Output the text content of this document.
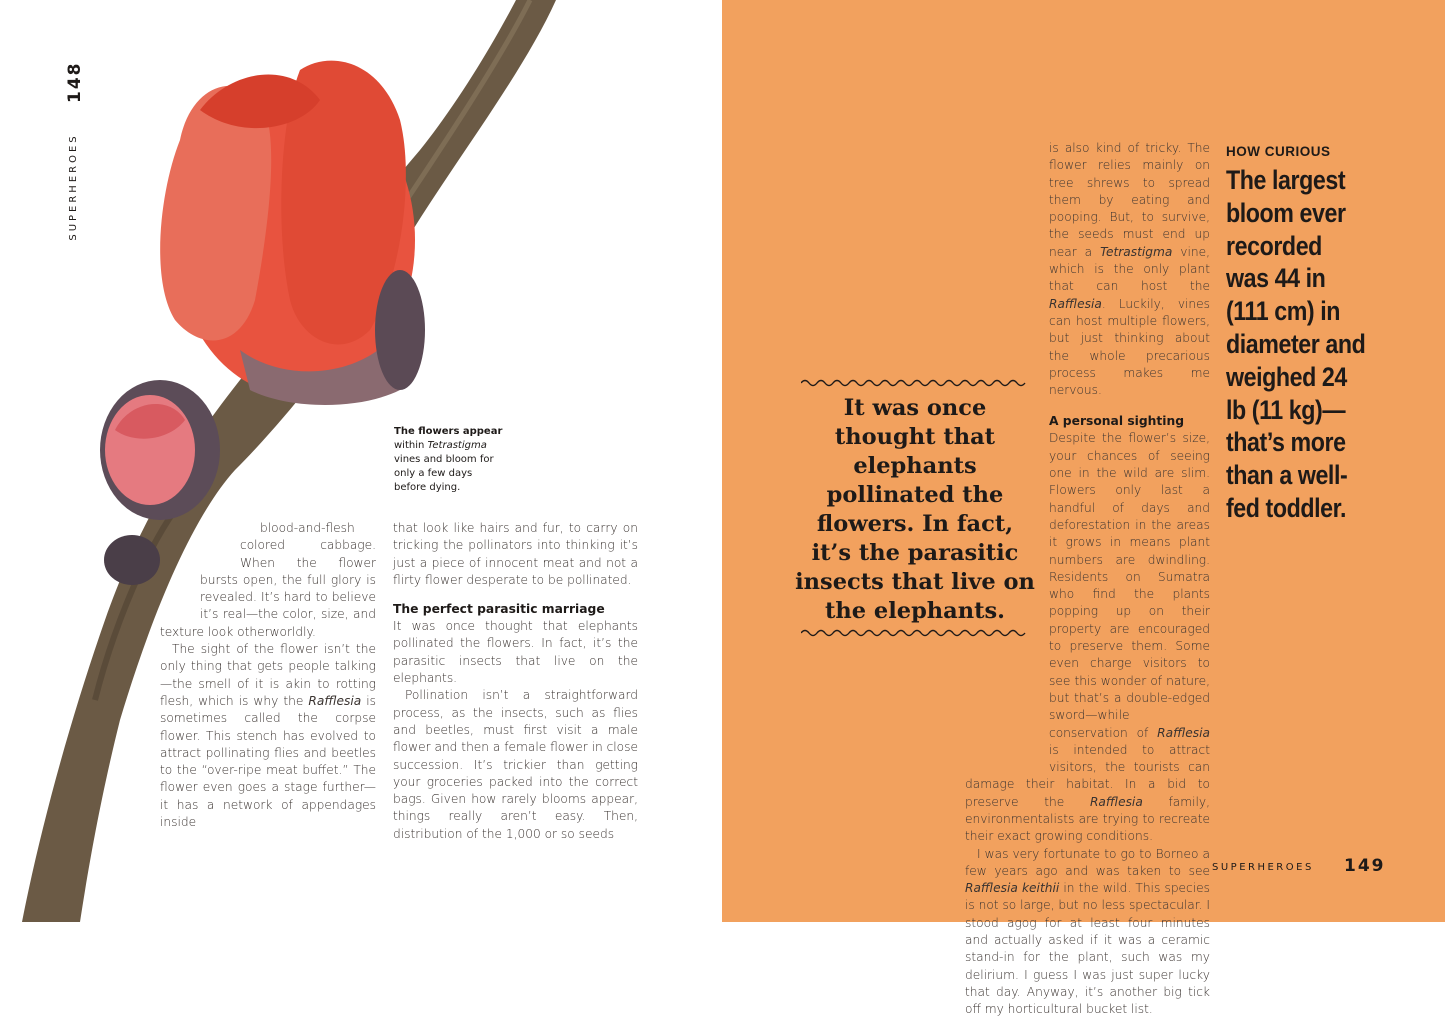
148
SUPERHEROES
The flowers appear
within Tetrastigma vines and bloom for only a few days before dying.

blood-and-flesh colored cabbage. When the flower bursts open, the full glory is revealed. It’s hard to believe it’s real—the color, size, and texture look otherworldly.

The sight of the flower isn’t the only thing that gets people talking—the smell of it is akin to rotting flesh, which is why the Rafflesia is sometimes called the corpse flower. This stench has evolved to attract pollinating flies and beetles to the “over-ripe meat buffet.” The flower even goes a stage further—it has a network of appendages inside

that look like hairs and fur, to carry on tricking the pollinators into thinking it’s just a piece of innocent meat and not a flirty flower desperate to be pollinated.

The perfect parasitic marriage

It was once thought that elephants pollinated the flowers. In fact, it’s the parasitic insects that live on the elephants.

Pollination isn’t a straightforward process, as the insects, such as flies and beetles, must first visit a male flower and then a female flower in close succession. It’s trickier than getting your groceries packed into the correct bags. Given how rarely blooms appear, things really aren’t easy. Then, distribution of the 1,000 or so seeds

is also kind of tricky. The flower relies mainly on tree shrews to spread them by eating and pooping. But, to survive, the seeds must end up near a Tetrastigma vine, which is the only plant that can host the Rafflesia. Luckily, vines can host multiple flowers, but just thinking about the whole precarious process makes me nervous.

A personal sighting

Despite the flower’s size, your chances of seeing one in the wild are slim. Flowers only last a handful of days and deforestation in the areas it grows in means plant numbers are dwindling. Residents on Sumatra who find the plants popping up on their property are encouraged to preserve them. Some even charge visitors to see this wonder of nature, but that’s a double-edged sword—while conservation of Rafflesia is intended to attract visitors, the tourists can damage their habitat. In a bid to preserve the Rafflesia family, environmentalists are trying to recreate their exact growing conditions.

I was very fortunate to go to Borneo a few years ago and was taken to see Rafflesia keithii in the wild. This species is not so large, but no less spectacular. I stood agog for at least four minutes and actually asked if it was a ceramic stand-in for the plant, such was my delirium. I guess I was just super lucky that day. Anyway, it’s another big tick off my horticultural bucket list.

It was once thought that elephants pollinated the flowers. In fact, it’s the parasitic insects that live on the elephants.
HOW CURIOUS
The largest bloom ever recorded was 44 in (111 cm) in diameter and weighed 24 lb (11 kg)—that’s more than a well-fed toddler.
SUPERHEROES 149
